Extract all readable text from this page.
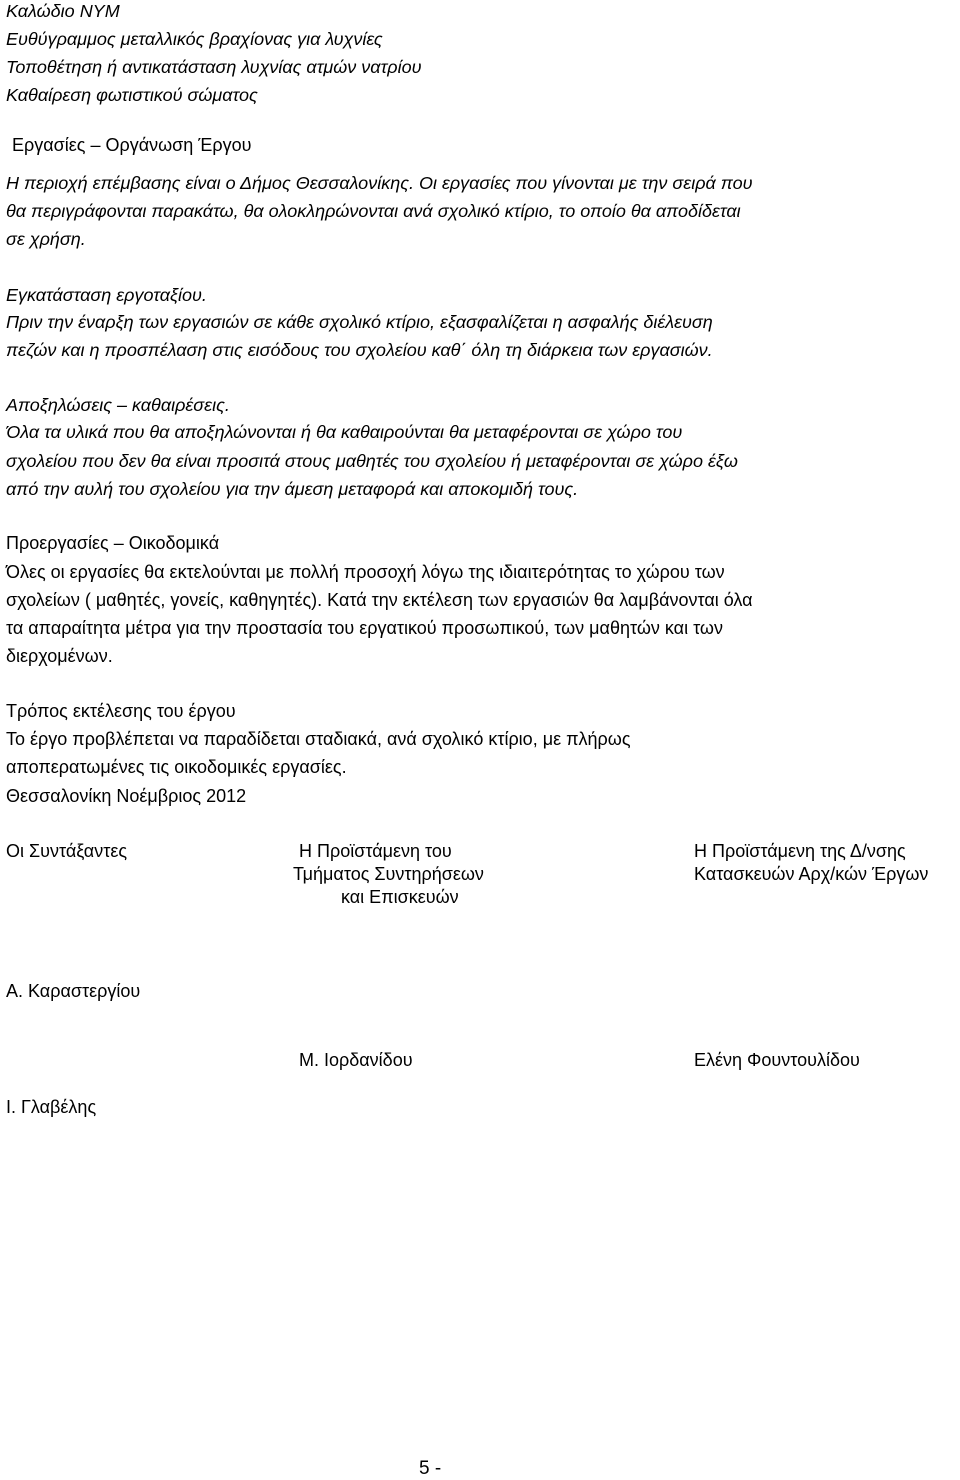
Καλώδιο ΝΥΜ
Ευθύγραμμος μεταλλικός βραχίονας για λυχνίες
Τοποθέτηση ή αντικατάσταση λυχνίας ατμών νατρίου
Καθαίρεση φωτιστικού σώματος
Εργασίες – Οργάνωση Έργου
Η περιοχή επέμβασης είναι ο Δήμος Θεσσαλονίκης. Οι εργασίες που γίνονται με την σειρά που
θα περιγράφονται παρακάτω, θα ολοκληρώνονται ανά σχολικό κτίριο, το οποίο θα αποδίδεται
σε χρήση.
Εγκατάσταση εργοταξίου.
Πριν την έναρξη των εργασιών σε κάθε σχολικό κτίριο, εξασφαλίζεται η ασφαλής διέλευση
πεζών και η προσπέλαση στις εισόδους του σχολείου καθ΄ όλη τη διάρκεια των εργασιών.
Αποξηλώσεις – καθαιρέσεις.
Όλα τα υλικά που θα αποξηλώνονται ή θα καθαιρούνται θα μεταφέρονται σε χώρο του
σχολείου που δεν θα είναι προσιτά στους μαθητές του σχολείου ή μεταφέρονται σε χώρο έξω
από την αυλή του σχολείου για την άμεση μεταφορά και αποκομιδή τους.
Προεργασίες – Οικοδομικά
Όλες οι εργασίες θα εκτελούνται με πολλή προσοχή λόγω της ιδιαιτερότητας το χώρου των
σχολείων ( μαθητές, γονείς, καθηγητές). Κατά την εκτέλεση των εργασιών θα λαμβάνονται όλα
τα απαραίτητα μέτρα για την προστασία του εργατικού προσωπικού, των μαθητών και των
διερχομένων.
Τρόπος εκτέλεσης του έργου
Το έργο προβλέπεται να παραδίδεται σταδιακά, ανά σχολικό κτίριο, με πλήρως
αποπερατωμένες τις οικοδομικές εργασίες.
Θεσσαλονίκη Νοέμβριος 2012
Οι Συντάξαντες	Η Προϊστάμενη του
Τμήματος Συντηρήσεων
και Επισκευών
Η Προϊστάμενη της Δ/νσης
Κατασκευών Αρχ/κών Έργων
Α. Καραστεργίου
Μ. Ιορδανίδου	Ελένη Φουντουλίδου
Ι. Γλαβέλης
5 -
